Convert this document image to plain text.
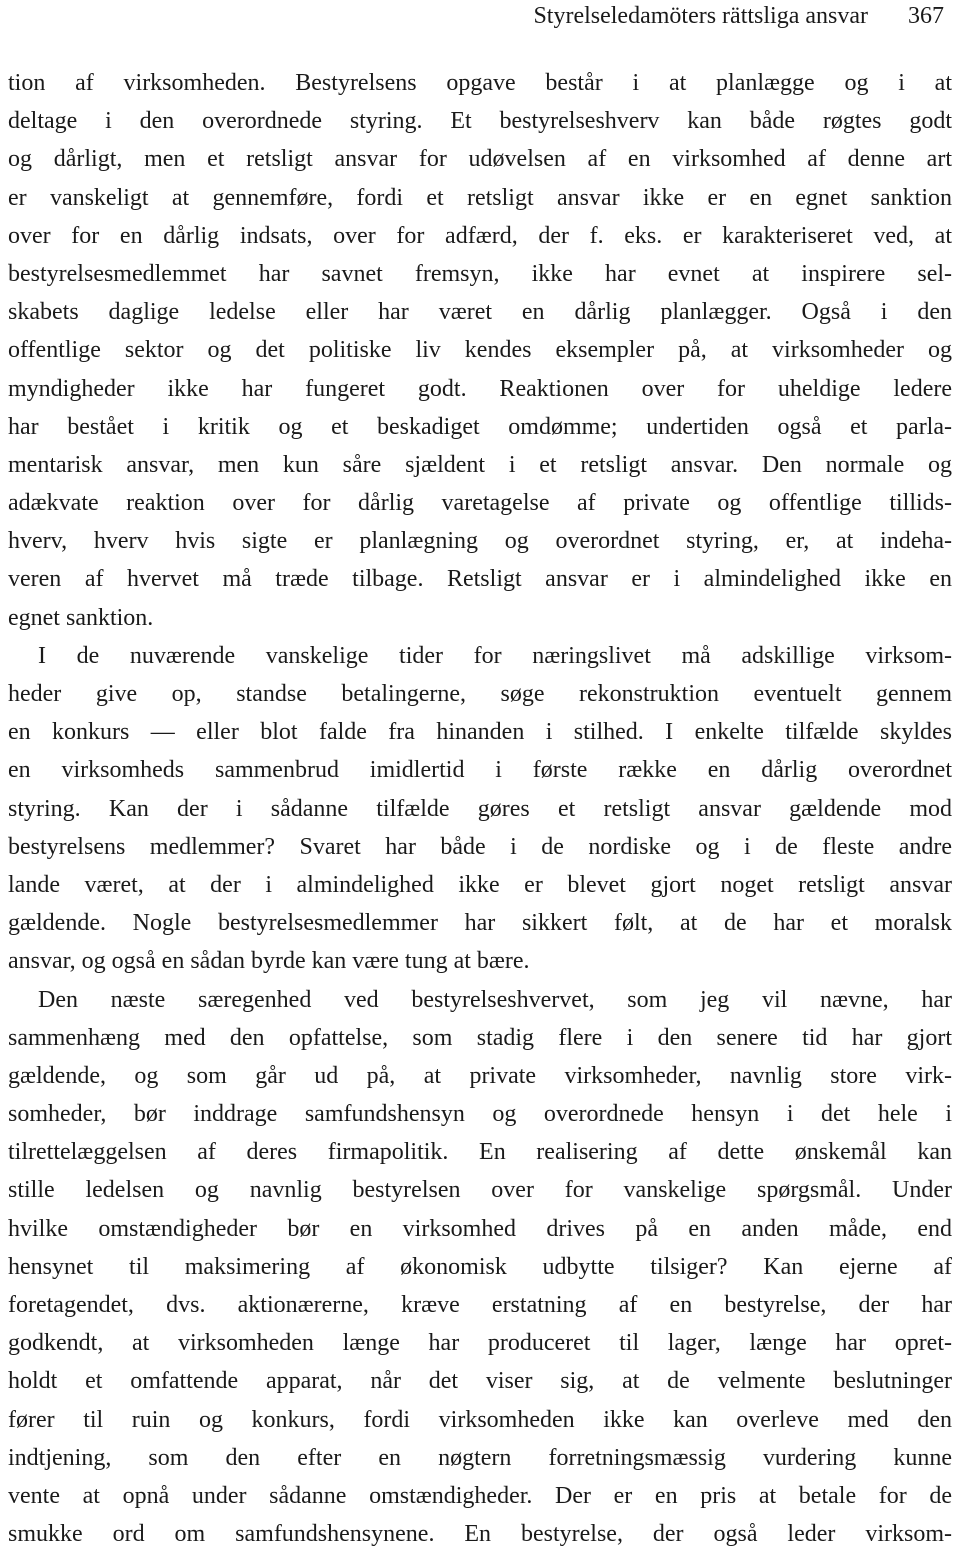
Styrelseledamöters rättsliga ansvar 367
tion af virksomheden. Bestyrelsens opgave består i at planlægge og i at
deltage i den overordnede styring. Et bestyrelseshverv kan både røgtes godt
og dårligt, men et retsligt ansvar for udøvelsen af en virksomhed af denne art
er vanskeligt at gennemføre, fordi et retsligt ansvar ikke er en egnet sanktion
over for en dårlig indsats, over for adfærd, der f. eks. er karakteriseret ved, at
bestyrelsesmedlemmet har savnet fremsyn, ikke har evnet at inspirere sel-
skabets daglige ledelse eller har været en dårlig planlægger. Også i den
offentlige sektor og det politiske liv kendes eksempler på, at virksomheder og
myndigheder ikke har fungeret godt. Reaktionen over for uheldige ledere
har bestået i kritik og et beskadiget omdømme; undertiden også et parla-
mentarisk ansvar, men kun såre sjældent i et retsligt ansvar. Den normale og
adækvate reaktion over for dårlig varetagelse af private og offentlige tillids-
hverv, hverv hvis sigte er planlægning og overordnet styring, er, at indeha-
veren af hvervet må træde tilbage. Retsligt ansvar er i almindelighed ikke en
egnet sanktion.
I de nuværende vanskelige tider for næringslivet må adskillige virksom-
heder give op, standse betalingerne, søge rekonstruktion eventuelt gennem
en konkurs — eller blot falde fra hinanden i stilhed. I enkelte tilfælde skyldes
en virksomheds sammenbrud imidlertid i første række en dårlig overordnet
styring. Kan der i sådanne tilfælde gøres et retsligt ansvar gældende mod
bestyrelsens medlemmer? Svaret har både i de nordiske og i de fleste andre
lande været, at der i almindelighed ikke er blevet gjort noget retsligt ansvar
gældende. Nogle bestyrelsesmedlemmer har sikkert følt, at de har et moralsk
ansvar, og også en sådan byrde kan være tung at bære.
Den næste særegenhed ved bestyrelseshvervet, som jeg vil nævne, har
sammenhæng med den opfattelse, som stadig flere i den senere tid har gjort
gældende, og som går ud på, at private virksomheder, navnlig store virk-
somheder, bør inddrage samfundshensyn og overordnede hensyn i det hele i
tilrettelæggelsen af deres firmapolitik. En realisering af dette ønskemål kan
stille ledelsen og navnlig bestyrelsen over for vanskelige spørgsmål. Under
hvilke omstændigheder bør en virksomhed drives på en anden måde, end
hensynet til maksimering af økonomisk udbytte tilsiger? Kan ejerne af
foretagendet, dvs. aktionærerne, kræve erstatning af en bestyrelse, der har
godkendt, at virksomheden længe har produceret til lager, længe har opret-
holdt et omfattende apparat, når det viser sig, at de velmente beslutninger
fører til ruin og konkurs, fordi virksomheden ikke kan overleve med den
indtjening, som den efter en nøgtern forretningsmæssig vurdering kunne
vente at opnå under sådanne omstændigheder. Der er en pris at betale for de
smukke ord om samfundshensynene. En bestyrelse, der også leder virksom-
